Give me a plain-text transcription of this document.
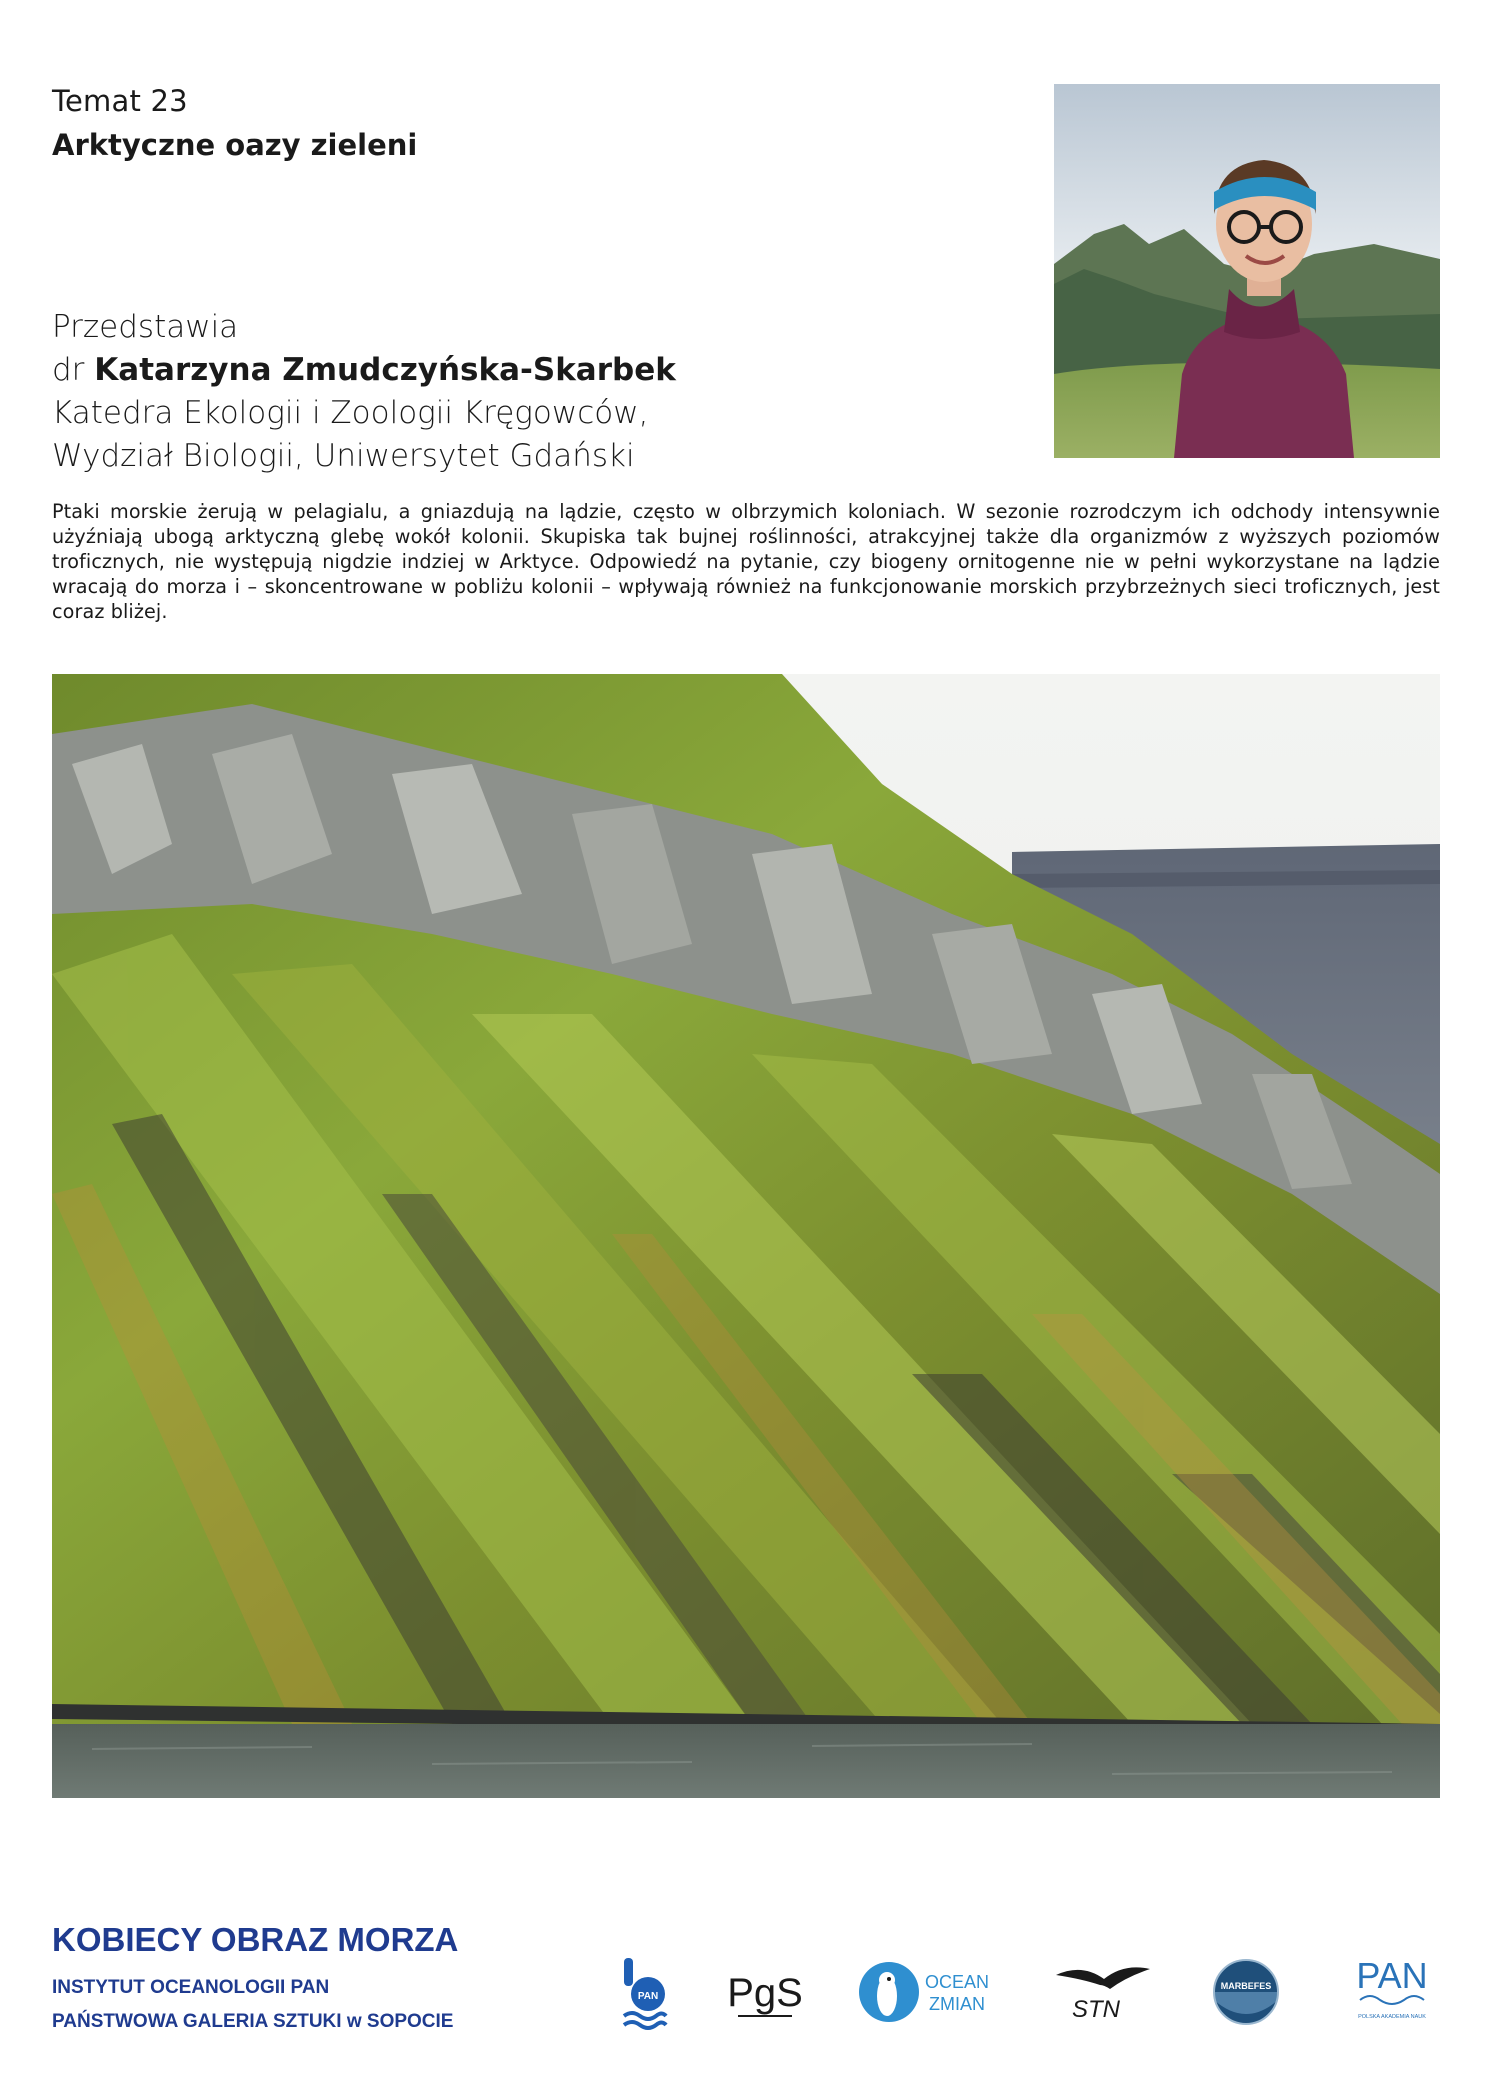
Temat 23
Arktyczne oazy zieleni
Przedstawia
dr Katarzyna Zmudczyńska-Skarbek
Katedra Ekologii i Zoologii Kręgowców,
Wydział Biologii, Uniwersytet Gdański
Ptaki morskie żerują w pelagialu, a gniazdują na lądzie, często w olbrzymich koloniach. W sezonie rozrodczym ich odchody intensywnie użyźniają ubogą arktyczną glebę wokół kolonii. Skupiska tak bujnej roślinności, atrakcyjnej także dla organizmów z wyższych poziomów troficznych, nie występują nigdzie indziej w Arktyce. Odpowiedź na pytanie, czy biogeny ornitogenne nie w pełni wykorzystane na lądzie wracają do morza i – skoncentrowane w pobliżu kolonii – wpływają również na funkcjonowanie morskich przybrzeżnych sieci troficznych, jest coraz bliżej.
KOBIECY OBRAZ MORZA
INSTYTUT OCEANOLOGII PAN
PAŃSTWOWA GALERIA SZTUKI w SOPOCIE
PAN PgS	OCEAN
ZMIAN	STN
MARBEFES PAN
POLSKA AKADEMIA NAUK
